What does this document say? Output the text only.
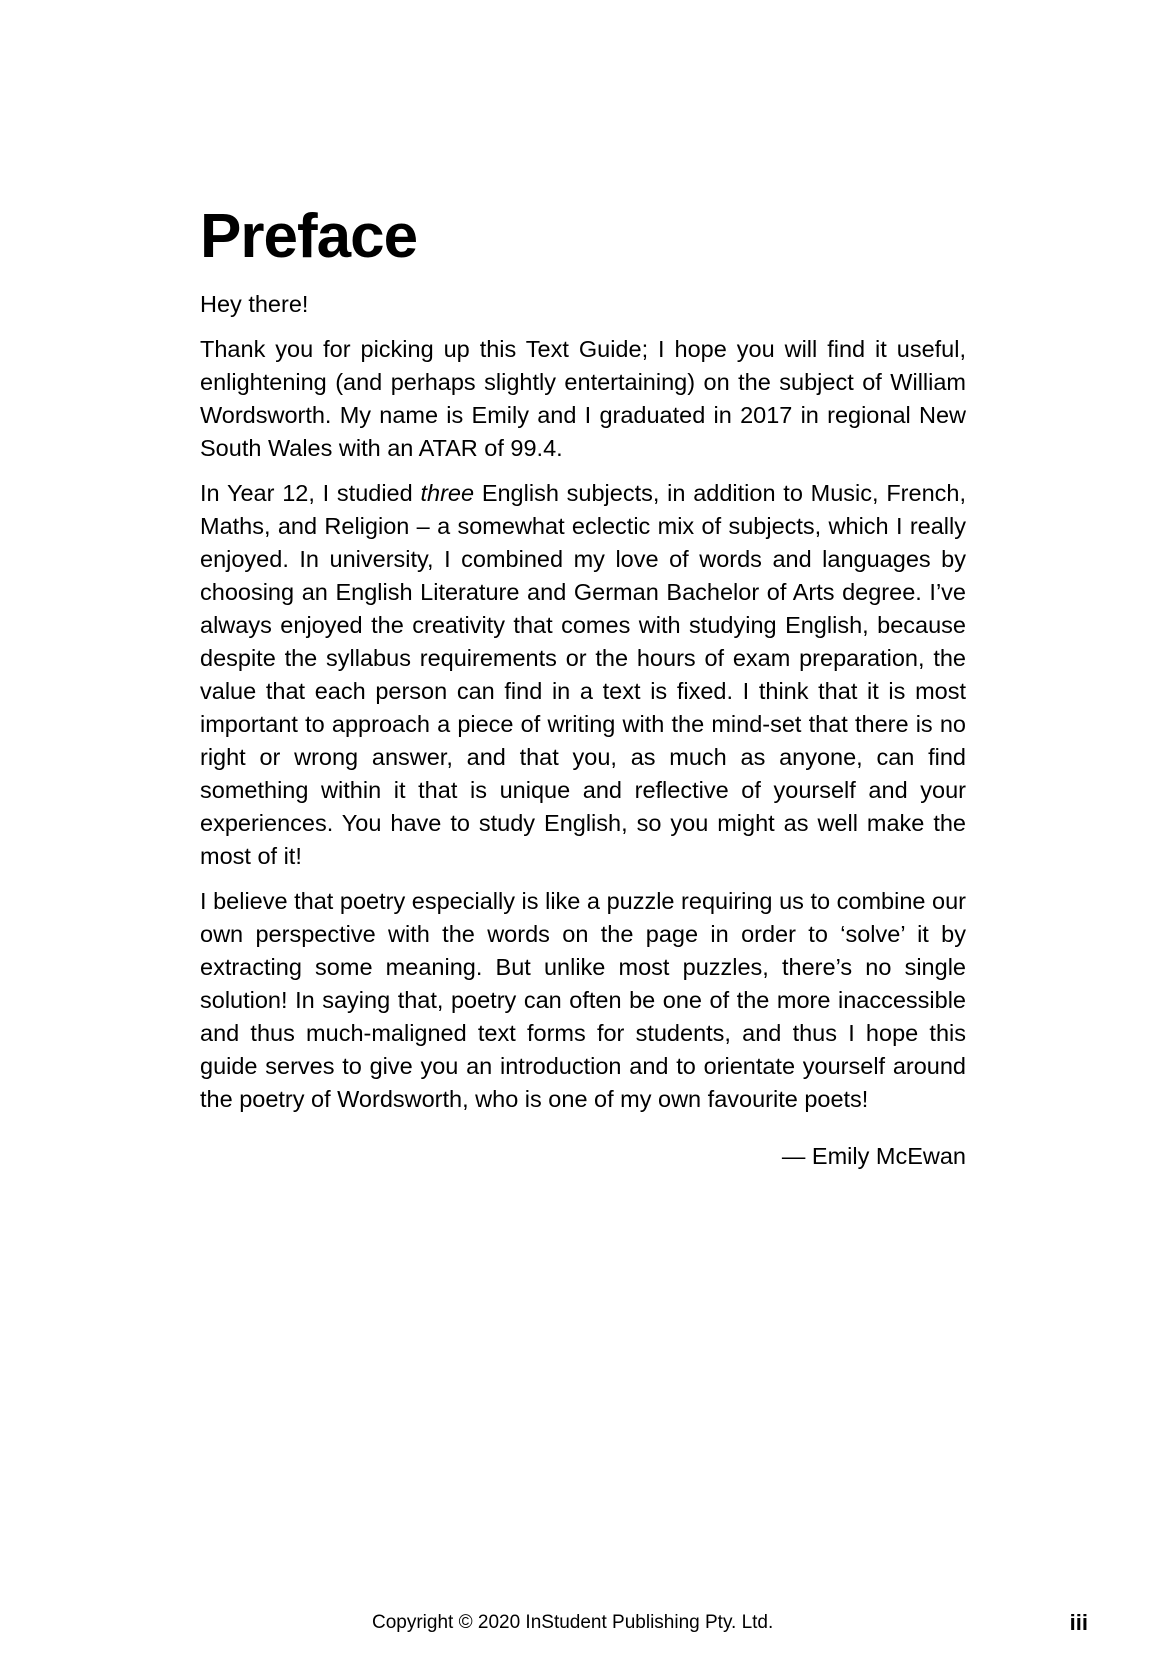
Preface

Hey there!

Thank you for picking up this Text Guide; I hope you will find it useful, enlightening (and perhaps slightly entertaining) on the subject of William Wordsworth. My name is Emily and I graduated in 2017 in regional New South Wales with an ATAR of 99.4.

In Year 12, I studied three English subjects, in addition to Music, French, Maths, and Religion – a somewhat eclectic mix of subjects, which I really enjoyed. In university, I combined my love of words and languages by choosing an English Literature and German Bachelor of Arts degree. I’ve always enjoyed the creativity that comes with studying English, because despite the syllabus requirements or the hours of exam preparation, the value that each person can find in a text is fixed. I think that it is most important to approach a piece of writing with the mind-set that there is no right or wrong answer, and that you, as much as anyone, can find something within it that is unique and reflective of yourself and your experiences. You have to study English, so you might as well make the most of it!

I believe that poetry especially is like a puzzle requiring us to combine our own perspective with the words on the page in order to ‘solve’ it by extracting some meaning. But unlike most puzzles, there’s no single solution! In saying that, poetry can often be one of the more inaccessible and thus much-maligned text forms for students, and thus I hope this guide serves to give you an introduction and to orientate yourself around the poetry of Wordsworth, who is one of my own favourite poets!

— Emily McEwan

Copyright © 2020 InStudent Publishing Pty. Ltd.	iii
